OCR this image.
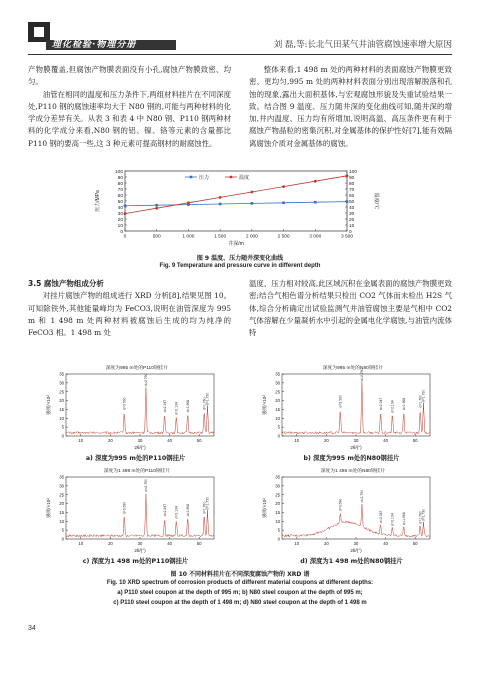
理化检验·物理分册	刘 磊,等:长北气田某气井油管腐蚀速率增大原因

产物膜覆盖,但腐蚀产物膜表面没有小孔,腐蚀产物膜致密、均匀。

油管在相同的温度和压力条件下,两组材料挂片在不同深度处,P110 钢的腐蚀速率均大于 N80 钢的,可能与两种材料的化学成分差异有关。从表 3 和表 4 中 N80 钢、P110 钢两种材料的化学成分来看,N80 钢的铝、镍、铬等元素的含量都比 P110 钢的要高一些,这 3 种元素可提高钢材的耐腐蚀性。

整体来看,1 498 m 处的两种材料的表面腐蚀产物膜更致密、更均匀,995 m 处的两种材料表面分别出现溶解脱落和孔蚀的现象,露出大面积基体,与宏观腐蚀形貌及失重试验结果一致。结合图 9 温度、压力随井深的变化曲线可知,随井深的增加,井内温度、压力均有所增加,说明高温、高压条件更有利于腐蚀产物晶粒的密集沉积,对金属基体的保护性好[7],能有效隔离腐蚀介质对金属基体的腐蚀。

0	0
10	10
20	20
30	30
40	40
50	50
60	60
70	70
80	80
90	90
100	100
0	500	1 000	1 500	2 000	2 500	3 000	3 500
井深/m
压力/MPa	温度/℃
压力	温度
图 9 温度、压力随井深变化曲线
Fig. 9 Temperature and pressure curve in different depth

3.5 腐蚀产物组成分析

对挂片腐蚀产物的组成进行 XRD 分析[8],结果见图 10。可知除铁外,其他能量峰均为 FeCO3,说明在油管深度为 995 m 和 1 498 m 处两种材料被腐蚀后生成的均为纯净的 FeCO3 相。1 498 m 处

温度、压力相对较高,此区域沉积在金属表面的腐蚀产物膜更致密;结合气相色谱分析结果只检出 CO2 气体而未检出 H2S 气体,综合分析确定出试验监测气井油管腐蚀主要是气相中 CO2 气体溶解在少量凝析水中引起的金属电化学腐蚀,与油管内流体特

0
5
10
15
20
25
30
35
10	20	30	40	50
2θ/(°)
强度/×10²
深度为995 m处的P110钢挂片
d=3.590
d=2.790
d=2.347 d=2.134 d=1.968	d=1.760 d=1.730
a) 深度为995 m处的P110钢挂片
0
5
10
15
20
25
30
35
10	20	30	40	50
2θ/(°)
强度/×10²
深度为995 m处的N80钢挂片
d=3.590
d=2.790
d=2.347 d=2.134 d=1.968	d=1.760 d=1.730
b) 深度为995 m处的N80钢挂片
0
5
10
15
20
25
30
35
10	20	30	40	50
2θ/(°)
强度/×10²
深度为1 498 m处的P110钢挂片
d=3.590
d=2.790
d=2.347 d=2.134 d=1.968	d=1.760 d=1.730
c) 深度为1 498 m处的P110钢挂片
0
5
10
15
20
25
30
35
10	20	30	40	50
2θ/(°)
强度/×10²
深度为1 498 m处的N80钢挂片
d=3.590
d=2.790
d=2.347 d=2.134 d=1.968	d=1.760 d=1.730
d) 深度为1 498 m处的N80钢挂片
图 10 不同材料挂片在不同深度腐蚀产物的 XRD 谱
Fig. 10 XRD spectrum of corrosion products of different material coupons at different depths:
a) P110 steel coupon at the depth of 995 m; b) N80 steel coupon at the depth of 995 m;
c) P110 steel coupon at the depth of 1 498 m; d) N80 steel coupon at the depth of 1 498 m
34
